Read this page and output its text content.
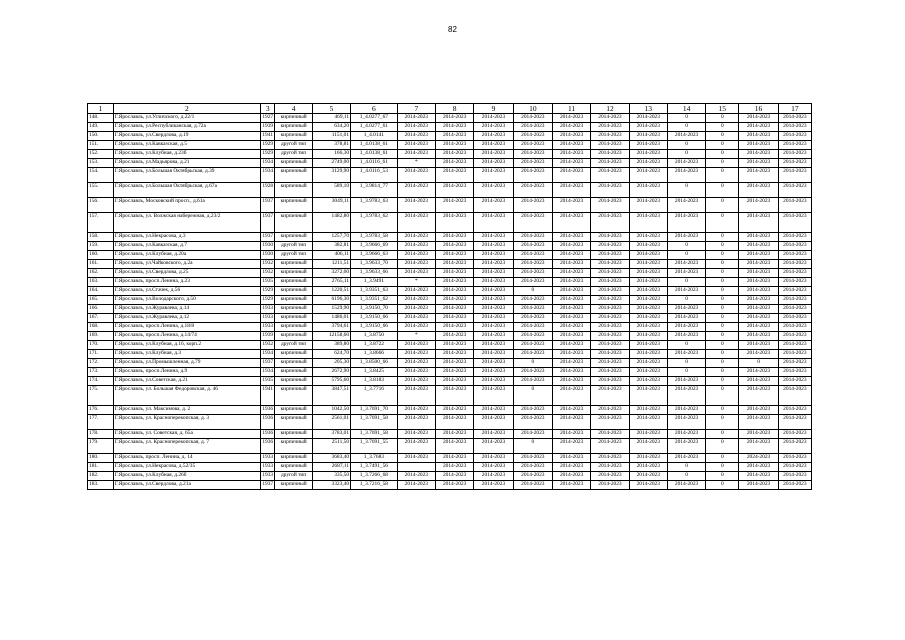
82
1	2	3	4	5	6	7	8	9	10	11	12	13	14	15	16	17
148.	Г.Ярославль, ул.Угличского, д.22/1	1927	кирпичный	469,11	1_4.0277_67	2014-2023	2014-2023	2014-2023	2014-2023	2014-2023	2014-2023	2014-2023	0	0	2014-2023	2014-2023
149.	Г.Ярославль, ул.Республиканская, д.72а	1939	кирпичный	634,20	1_4.0277_61	2014-2023	2014-2023	2014-2023	2014-2023	2014-2023	2014-2023	2014-2023	0	0	2014-2023	2014-2023
150.	Г.Ярославль, ул.Свердлова, д.19	1941	кирпичный	1151,01	1_4.0141	2014-2023	2014-2023	2014-2023	2014-2023	2014-2023	2014-2023	2014-2023	2014-2023	0	2014-2023	2014-2023
151.	Г.Ярославль, ул.Кавказская, д.5	1929	другой тип	378,81	1_4.0138_61	2014-2023	2014-2023	2014-2023	2014-2023	2014-2023	2014-2023	2014-2023	0	0	2014-2023	2014-2023
152.	Г.Ярославль, ул.Клубная, д.23б	1929	другой тип	166,30	1_4.0138_61	2014-2023	2014-2023	2014-2023	2014-2023	2014-2023	2014-2023	2014-2023	0	0	2014-2023	2014-2023
153.	Г.Ярославль, ул.Мадьярова, д.21	1934	кирпичный	2749,00	1_4.0116_61	*	2014-2023	2014-2023	2014-2023	2014-2023	2014-2023	2014-2023	2014-2023	0	2014-2023	2014-2023
154.	Г.Ярославль, ул.Большая Октябрьская, д.39	1934	кирпичный	3129,90	1_4.0116_53	2014-2023	2014-2023	2014-2023	2014-2023	2014-2023	2014-2023	2014-2023	2014-2023	0	2014-2023	2014-2023
155.	Г.Ярославль, ул.Большая Октябрьская, д.67а	1928	кирпичный	589,10	1_3.9814_77	2014-2023	2014-2023	2014-2023	2014-2023	2014-2023	2014-2023	2014-2023	0	0	2014-2023	2014-2023
156.	Г.Ярославль, Московский просп., д.61а	1937	кирпичный	3049,11	1_3.9783_63	2014-2023	2014-2023	2014-2023	2014-2023	2014-2023	2014-2023	2014-2023	2014-2023	0	2014-2023	2014-2023
157.	Г.Ярославль, ул. Волжская набережная, д.23/2	1937	кирпичный	1482,80	1_3.9783_62	2014-2023	2014-2023	2014-2023	2014-2023	2014-2023	2014-2023	2014-2023	2014-2023	0	2014-2023	2014-2023
158.	Г.Ярославль, ул.Некрасова, д.3	1937	кирпичный	1257,70	1_3.9783_58	2014-2023	2014-2023	2014-2023	2014-2023	2014-2023	2014-2023	2014-2023	2014-2023	0	2014-2023	2014-2023
159.	Г.Ярославль, ул.Кавказская, д.7	1930	другой тип	382,81	1_3.9666_69	2014-2023	2014-2023	2014-2023	2014-2023	2014-2023	2014-2023	2014-2023	0	0	2014-2023	2014-2023
160.	Г.Ярославль, ул.Клубная, д.20а	1930	другой тип	406,11	1_3.9666_63	2014-2023	2014-2023	2014-2023	2014-2023	2014-2023	2014-2023	2014-2023	0	0	2014-2023	2014-2023
161.	Г.Ярославль, ул.Чайковского, д.2а	1932	кирпичный	1211,51	1_3.9633_70	2014-2023	2014-2023	2014-2023	2014-2023	2014-2023	2014-2023	2014-2023	2014-2023	0	2014-2023	2014-2023
162.	Г.Ярославль, ул.Свердлова, д.25	1932	кирпичный	3272,00	1_3.9633_66	2014-2023	2014-2023	2014-2023	2014-2023	2014-2023	2014-2023	2014-2023	2014-2023	0	2014-2023	2014-2023
163.	Г.Ярославль, просп.Ленина, д.23	1935	кирпичный	2765,11	1_3.9491	*	2014-2023	2014-2023	2014-2023	2014-2023	2014-2023	2014-2023	0	0	2014-2023	2014-2023
164.	Г.Ярославль, ул.Стачек, д.56	1929	кирпичный	1220,51	1_3.9351_63	2014-2023	2014-2023	2014-2023	0	2014-2023	2014-2023	2014-2023	2014-2023	0	2014-2023	2014-2023
165.	Г.Ярославль, ул.Володарского, д.50	1929	кирпичный	6196,30	1_3.9351_62	2014-2023	2014-2023	2014-2023	2014-2023	2014-2023	2014-2023	2014-2023	0	0	2014-2023	2014-2023
166.	Г.Ярославль, ул.Журавлева, д.14	1933	кирпичный	1529,90	1_3.9150_70	2014-2023	2014-2023	2014-2023	2014-2023	2014-2023	2014-2023	2014-2023	2014-2023	0	2014-2023	2014-2023
167.	Г.Ярославль, ул.Журавлева, д.12	1933	кирпичный	1486,01	1_3.9150_66	2014-2023	2014-2023	2014-2023	2014-2023	2014-2023	2014-2023	2014-2023	2014-2023	0	2014-2023	2014-2023
168.	Г.Ярославль, просп.Ленина, д.18/8	1933	кирпичный	3794,61	1_3.9150_66	2014-2023	2014-2023	2014-2023	2014-2023	2014-2023	2014-2023	2014-2023	2014-2023	0	2014-2023	2014-2023
169.	Г.Ярославль, просп.Ленина, д.14/74	1939	кирпичный	12158,60	1_3.8750	*	2014-2023	2014-2023	2014-2023	2014-2023	2014-2023	2014-2023	2014-2023	0	2014-2023	2014-2023
170.	Г.Ярославль, ул.Клубная, д.16, корп.2	1932	другой тип	389,80	1_3.8722	2014-2023	2014-2023	2014-2023	2014-2023	2014-2023	2014-2023	2014-2023	0	0	2014-2023	2014-2023
171.	Г.Ярославль, ул.Клубная, д.3	1934	кирпичный	624,70	1_3.8666	2014-2023	2014-2023	2014-2023	2014-2023	2014-2023	2014-2023	2014-2023	2014-2023	0	2014-2023	2014-2023
172.	Г.Ярославль, ул.Промышленная, д.79	1937	кирпичный	205,30	1_3.8500_66	2014-2023	2014-2023	2014-2023	0	2014-2023	2014-2023	2014-2023	0	0	0	2014-2023
173.	Г.Ярославль, просп.Ленина, д.9	1934	кирпичный	2672,90	1_3.8425	2014-2023	2014-2023	2014-2023	2014-2023	2014-2023	2014-2023	2014-2023	0	0	2014-2023	2014-2023
174.	Г.Ярославль, ул.Советская, д.21	1935	кирпичный	5795,60	1_3.8183	2014-2023	2014-2023	2014-2023	2014-2023	2014-2023	2014-2023	2014-2023	2014-2023	0	2014-2023	2014-2023
175.	Г.Ярославль, ул. Большая Федоровская, д. 46	1941	кирпичный	3847,51	1_3.7716	2014-2023	2014-2023	2014-2023	0	2014-2023	2014-2023	2014-2023	2014-2023	0	2014-2023	2014-2023
176.	Г.Ярославль, ул. Максимова, д. 2	1936	кирпичный	1042,50	1_3.7691_70	2014-2023	2014-2023	2014-2023	2014-2023	2014-2023	2014-2023	2014-2023	2014-2023	0	2014-2023	2014-2023
177.	Г.Ярославль, ул. Красноперекопская, д. 3	1936	кирпичный	2561,01	1_3.7691_58	2014-2023	2014-2023	2014-2023	2014-2023	2014-2023	2014-2023	2014-2023	2014-2023	0	2014-2023	2014-2023
178.	Г.Ярославль, ул. Советская, д. 65а	1936	кирпичный	3783,01	1_3.7691_58	2014-2023	2014-2023	2014-2023	2014-2023	2014-2023	2014-2023	2014-2023	2014-2023	0	2014-2023	2014-2023
179.	Г.Ярославль, ул. Красноперекопская, д. 7	1936	кирпичный	2511,50	1_3.7691_55	2014-2023	2014-2023	2014-2023	0	2014-2023	2014-2023	2014-2023	2014-2023	0	2014-2023	2014-2023
180.	Г.Ярославль, просп. Ленина, д. 14	1933	кирпичный	3683,40	1_3.7683	2014-2023	2014-2023	2014-2023	2014-2023	2014-2023	2014-2023	2014-2023	2014-2023	0	2024-2023	2014-2023
181.	Г.Ярославль, ул.Некрасова, д.52/35	1933	кирпичный	2687,11	1_3.7491_56		2014-2023	2014-2023	2014-2023	2014-2023	2014-2023	2014-2023	0	0	2014-2023	2014-2023
182.	Г.Ярославль, ул.Клубная, д.26б	1933	другой тип	335,50	1_3.7266_68	2014-2023	2014-2023	2014-2023	2014-2023	2014-2023	2014-2023	2014-2023	0	0	2014-2023	2014-2023
183.	Г.Ярославль, ул.Свердлова, д.21а	1937	кирпичный	3323,40	1_3.7216_58	2014-2023	2014-2023	2014-2023	2014-2023	2014-2023	2014-2023	2014-2023	2014-2023	0	2014-2023	2014-2023
